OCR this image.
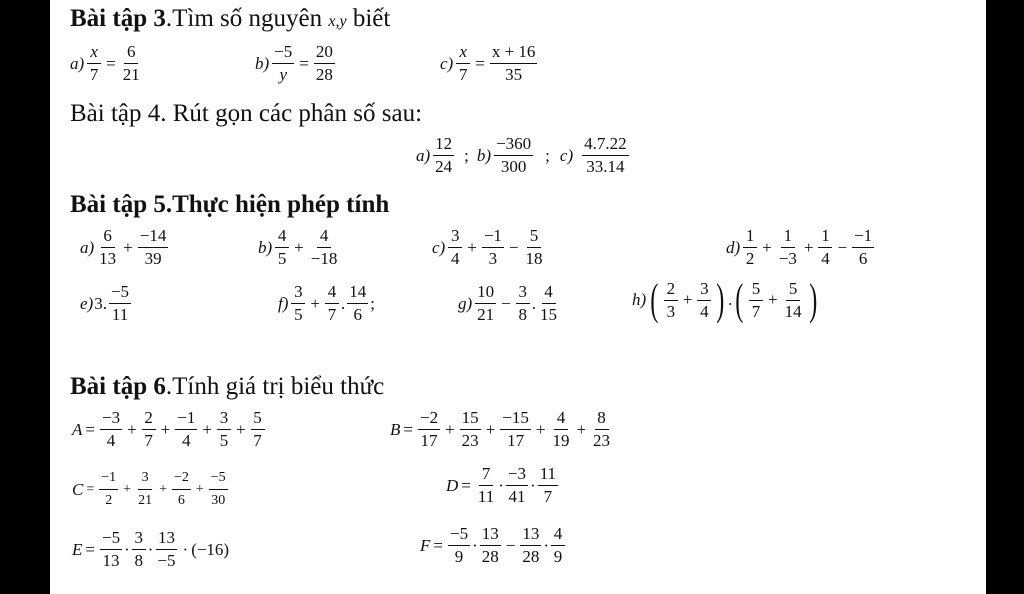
Bài tập 3.Tìm số nguyên x,y biết
$a) \frac{x}{7} = \frac{6}{21}$	$b) \frac{-5}{y} = \frac{20}{28}$	$c) \frac{x}{7} = \frac{x + 16}{35}$
Bài tập 4. Rút gọn các phân số sau:
$a) \frac{12}{24}$ ; $b) \frac{-360}{300}$ ; $c) \frac{4.7.22}{33.14}$
Bài tập 5.Thực hiện phép tính
$a) \frac{6}{13} + \frac{-14}{39}$	$b) \frac{4}{5} + \frac{4}{-18}$	$c) \frac{3}{4} + \frac{-1}{3} - \frac{5}{18}$	$d) \frac{1}{2} + \frac{1}{-3} + \frac{1}{4} - \frac{-1}{6}$
e) 3. $\frac{-5}{11}$	$f) \frac{3}{5} + \frac{4}{7}$ . $\frac{14}{6}$ ;	$g) \frac{10}{21} - \frac{3}{8}$ . $\frac{4}{15}$	h) ( $\frac{2}{3} + \frac{3}{4}$ ) . ( $\frac{5}{7} + \frac{5}{14}$ )
Bài tập 6.Tính giá trị biểu thức
$A = \frac{-3}{4} + \frac{2}{7} + \frac{-1}{4} + \frac{3}{5} + \frac{5}{7}$	$B = \frac{-2}{17} + \frac{15}{23} + \frac{-15}{17} + \frac{4}{19} + \frac{8}{23}$
$C = \frac{-1}{2} + \frac{3}{21} + \frac{-2}{6} + \frac{-5}{30}$	$D = \frac{7}{11} \cdot \frac{-3}{41} \cdot \frac{11}{7}$
$E = \frac{-5}{13} \cdot \frac{3}{8} \cdot \frac{13}{-5} \cdot (-16)$	$F = \frac{-5}{9} \cdot \frac{13}{28} - \frac{13}{28} \cdot \frac{4}{9}$
